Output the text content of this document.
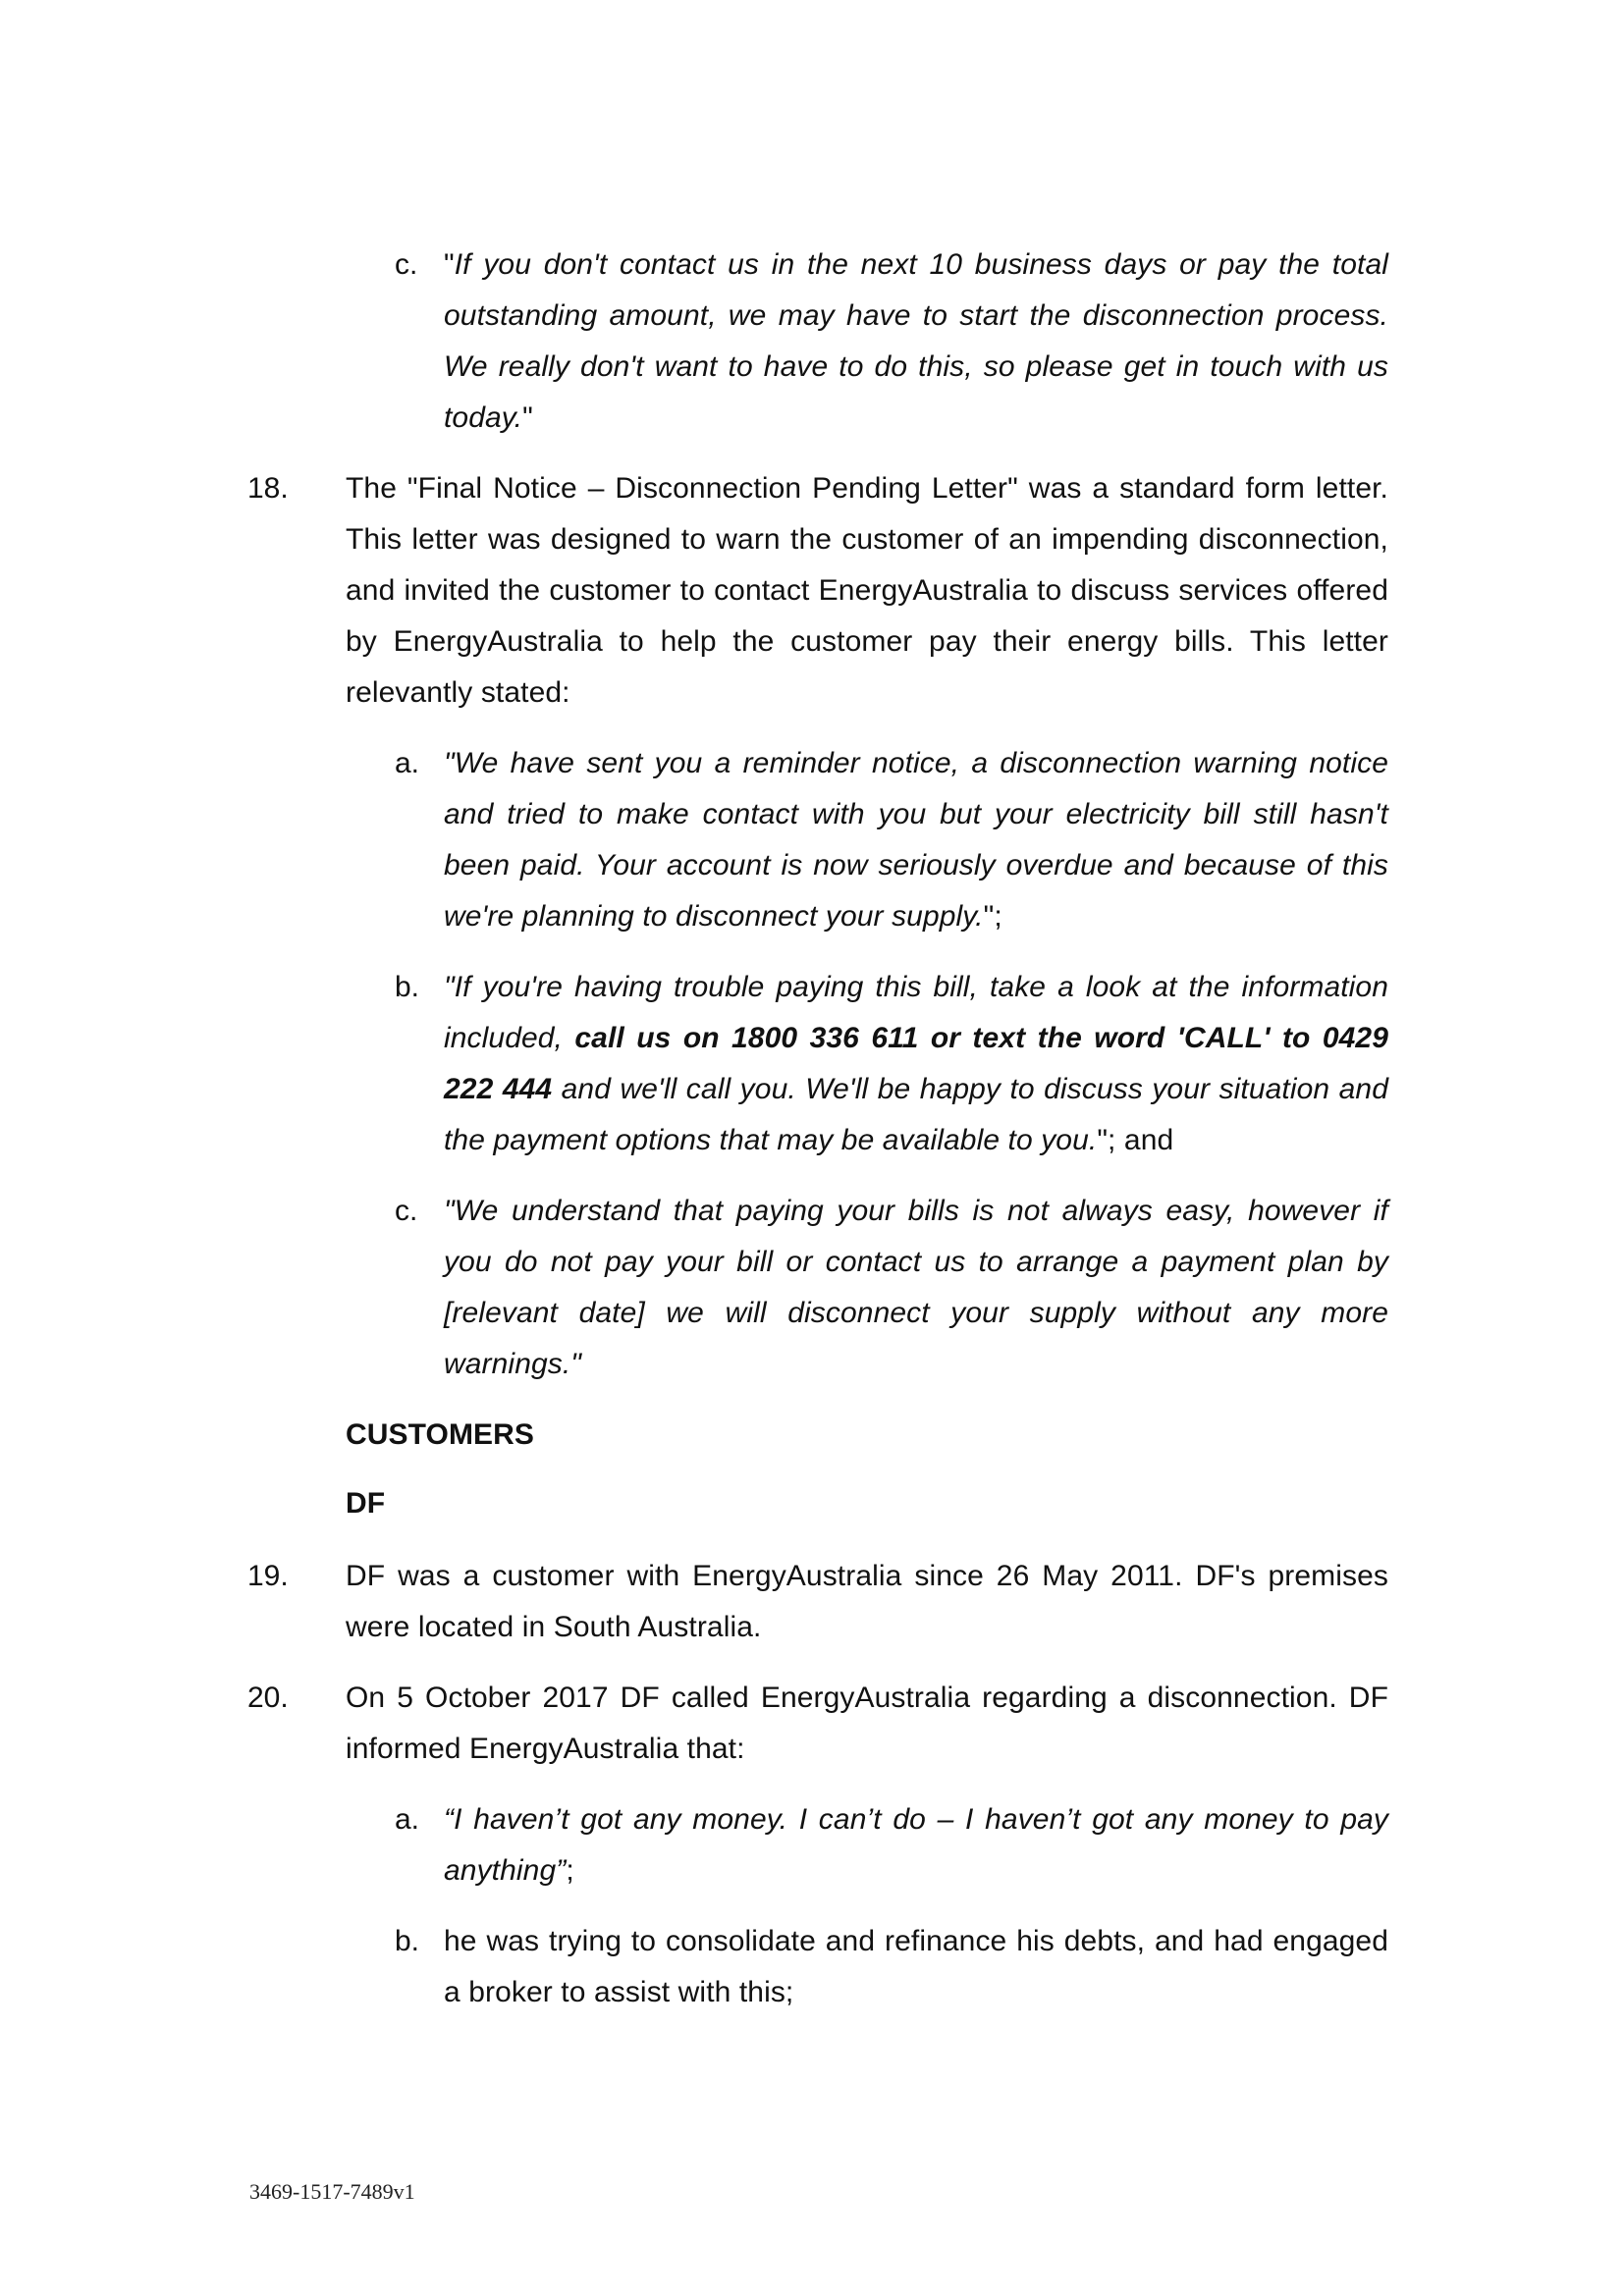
c. "If you don't contact us in the next 10 business days or pay the total
outstanding amount, we may have to start the disconnection process.
We really don't want to have to do this, so please get in touch with us
today."
18. The "Final Notice – Disconnection Pending Letter" was a standard form letter.
This letter was designed to warn the customer of an impending disconnection,
and invited the customer to contact EnergyAustralia to discuss services offered
by EnergyAustralia to help the customer pay their energy bills. This letter
relevantly stated:
a. "We have sent you a reminder notice, a disconnection warning notice
and tried to make contact with you but your electricity bill still hasn't
been paid. Your account is now seriously overdue and because of this
we're planning to disconnect your supply.";
b. "If you're having trouble paying this bill, take a look at the information
included, call us on 1800 336 611 or text the word 'CALL' to 0429
222 444 and we'll call you. We'll be happy to discuss your situation and
the payment options that may be available to you."; and
c. "We understand that paying your bills is not always easy, however if
you do not pay your bill or contact us to arrange a payment plan by
[relevant date] we will disconnect your supply without any more
warnings."
CUSTOMERS
DF
19. DF was a customer with EnergyAustralia since 26 May 2011. DF's premises
were located in South Australia.
20. On 5 October 2017 DF called EnergyAustralia regarding a disconnection. DF
informed EnergyAustralia that:
a. “I haven’t got any money. I can’t do – I haven’t got any money to pay
anything”;
b. he was trying to consolidate and refinance his debts, and had engaged
a broker to assist with this;
3469-1517-7489v1
